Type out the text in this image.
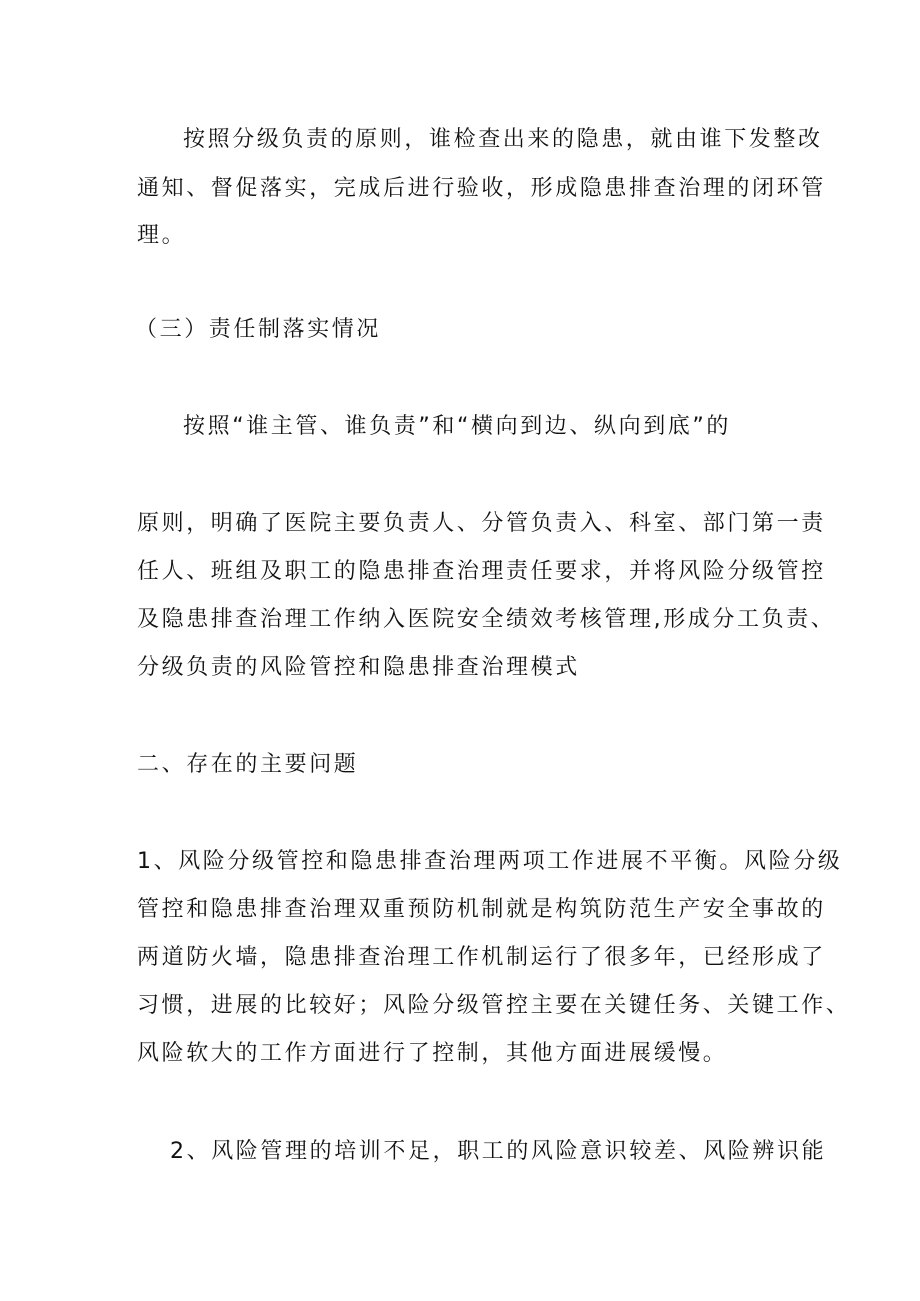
按照分级负责的原则，谁检查出来的隐患，就由谁下发整改
通知、督促落实，完成后进行验收，形成隐患排查治理的闭环管
理。
（三）责任制落实情况
按照“谁主管、谁负责”和“横向到边、纵向到底”的
原则，明确了医院主要负责人、分管负责入、科室、部门第一责
任人、班组及职工的隐患排查治理责任要求，并将风险分级管控
及隐患排查治理工作纳入医院安全绩效考核管理,形成分工负责、
分级负责的风险管控和隐患排查治理模式
二、存在的主要问题
1、风险分级管控和隐患排查治理两项工作进展不平衡。风险分级
管控和隐患排查治理双重预防机制就是构筑防范生产安全事故的
两道防火墙，隐患排查治理工作机制运行了很多年，已经形成了
习惯，进展的比较好；风险分级管控主要在关键任务、关键工作、
风险软大的工作方面进行了控制，其他方面进展缓慢。
2、风险管理的培训不足，职工的风险意识较差、风险辨识能
